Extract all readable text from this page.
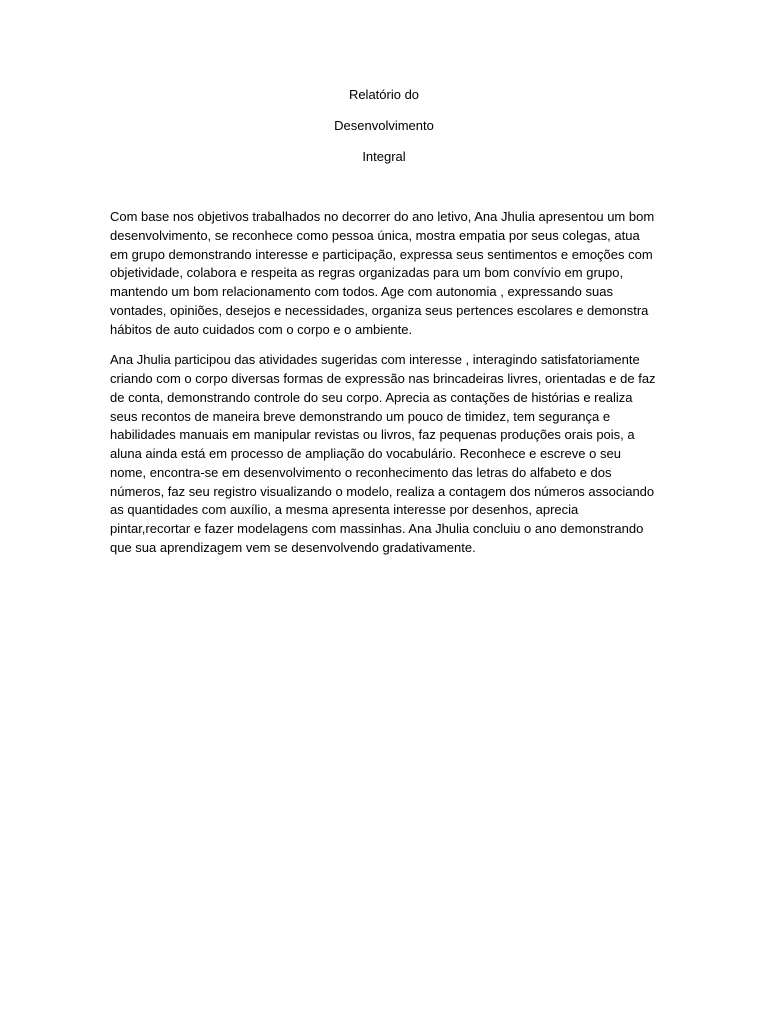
Relatório do
Desenvolvimento
Integral

Com base nos objetivos trabalhados no decorrer do ano letivo, Ana Jhulia apresentou um bom desenvolvimento, se reconhece como pessoa única, mostra empatia por seus colegas, atua em grupo demonstrando interesse e participação, expressa seus sentimentos e emoções com objetividade, colabora e respeita as regras organizadas para um bom convívio em grupo, mantendo um bom relacionamento com todos. Age com autonomia , expressando suas vontades, opiniões, desejos e necessidades, organiza seus pertences escolares e demonstra hábitos de auto cuidados com o corpo e o ambiente.

Ana Jhulia participou das atividades sugeridas com interesse , interagindo satisfatoriamente criando com o corpo diversas formas de expressão nas brincadeiras livres, orientadas e de faz de conta, demonstrando controle do seu corpo. Aprecia as contações de histórias e realiza seus recontos de maneira breve demonstrando um pouco de timidez, tem segurança e habilidades manuais em manipular revistas ou livros, faz pequenas produções orais pois, a aluna ainda está em processo de ampliação do vocabulário. Reconhece e escreve o seu nome, encontra-se em desenvolvimento o reconhecimento das letras do alfabeto e dos números, faz seu registro visualizando o modelo, realiza a contagem dos números associando as quantidades com auxílio, a mesma apresenta interesse por desenhos, aprecia pintar,recortar e fazer modelagens com massinhas. Ana Jhulia concluiu o ano demonstrando que sua aprendizagem vem se desenvolvendo gradativamente.
